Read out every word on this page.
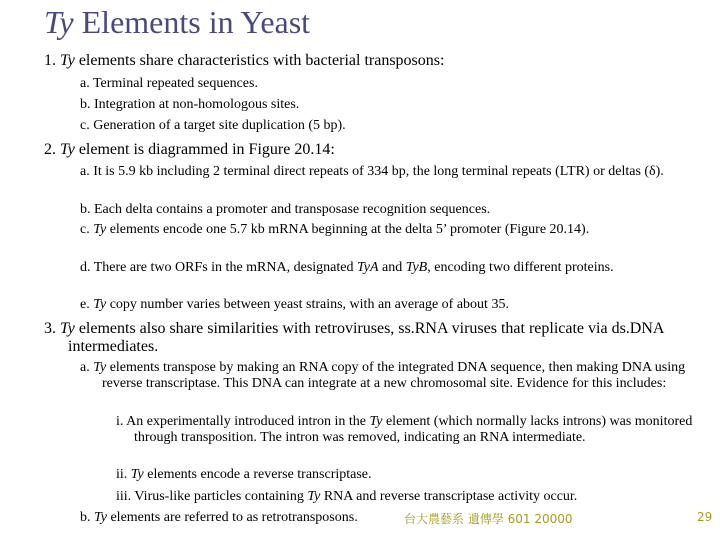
Ty Elements in Yeast
1. Ty elements share characteristics with bacterial transposons:
a. Terminal repeated sequences.
b. Integration at non-homologous sites.
c. Generation of a target site duplication (5 bp).
2. Ty element is diagrammed in Figure 20.14:
a. It is 5.9 kb including 2 terminal direct repeats of 334 bp, the long terminal repeats (LTR) or deltas (δ).
b. Each delta contains a promoter and transposase recognition sequences.
c. Ty elements encode one 5.7 kb mRNA beginning at the delta 5’ promoter (Figure 20.14).
d. There are two ORFs in the mRNA, designated TyA and TyB, encoding two different proteins.
e. Ty copy number varies between yeast strains, with an average of about 35.
3. Ty elements also share similarities with retroviruses, ss.RNA viruses that replicate via ds.DNA intermediates.
a. Ty elements transpose by making an RNA copy of the integrated DNA sequence, then making DNA using reverse transcriptase. This DNA can integrate at a new chromosomal site. Evidence for this includes:
i. An experimentally introduced intron in the Ty element (which normally lacks introns) was monitored through transposition. The intron was removed, indicating an RNA intermediate.
ii. Ty elements encode a reverse transcriptase.
iii. Virus-like particles containing Ty RNA and reverse transcriptase activity occur.
b. Ty elements are referred to as retrotransposons.	台大農藝系 遺傳學 601 20000	29
